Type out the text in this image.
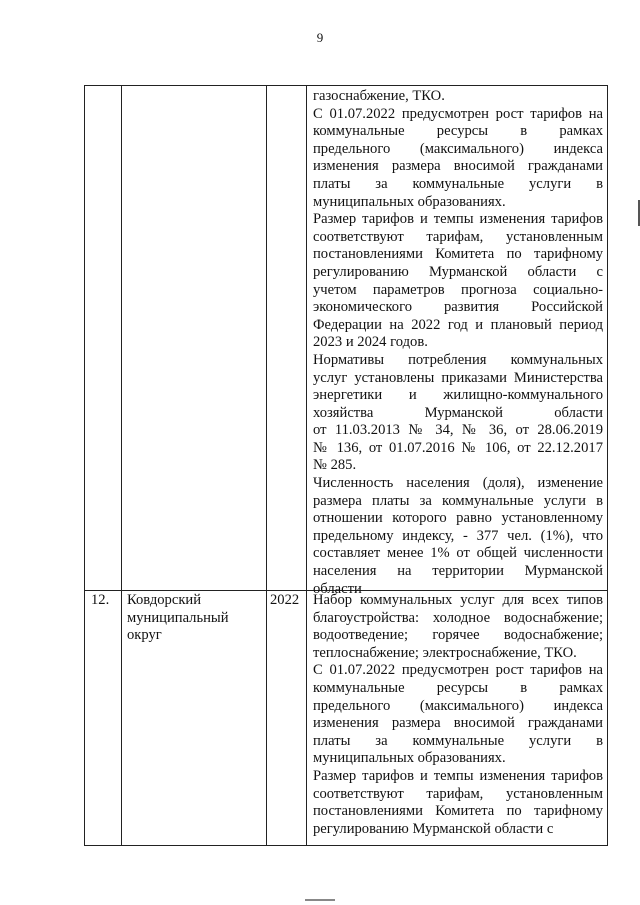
9
газоснабжение, ТКО.
С 01.07.2022 предусмотрен рост тарифов на
коммунальные ресурсы в рамках
предельного (максимального) индекса
изменения размера вносимой гражданами
платы за коммунальные услуги в
муниципальных образованиях.
Размер тарифов и темпы изменения тарифов
соответствуют тарифам, установленным
постановлениями Комитета по тарифному
регулированию Мурманской области с
учетом параметров прогноза социально-
экономического развития Российской
Федерации на 2022 год и плановый период
2023 и 2024 годов.
Нормативы потребления коммунальных
услуг установлены приказами Министерства
энергетики и жилищно-коммунального
хозяйства Мурманской области
от 11.03.2013 № 34, № 36, от 28.06.2019
№ 136, от 01.07.2016 № 106, от 22.12.2017
№ 285.
Численность населения (доля), изменение
размера платы за коммунальные услуги в
отношении которого равно установленному
предельному индексу, - 377 чел. (1%), что
составляет менее 1% от общей численности
населения на территории Мурманской
области
12. Ковдорский
муниципальный
округ
2022 Набор коммунальных услуг для всех типов
благоустройства: холодное водоснабжение;
водоотведение; горячее водоснабжение;
теплоснабжение; электроснабжение, ТКО.
С 01.07.2022 предусмотрен рост тарифов на
коммунальные ресурсы в рамках
предельного (максимального) индекса
изменения размера вносимой гражданами
платы за коммунальные услуги в
муниципальных образованиях.
Размер тарифов и темпы изменения тарифов
соответствуют тарифам, установленным
постановлениями Комитета по тарифному
регулированию Мурманской области с
